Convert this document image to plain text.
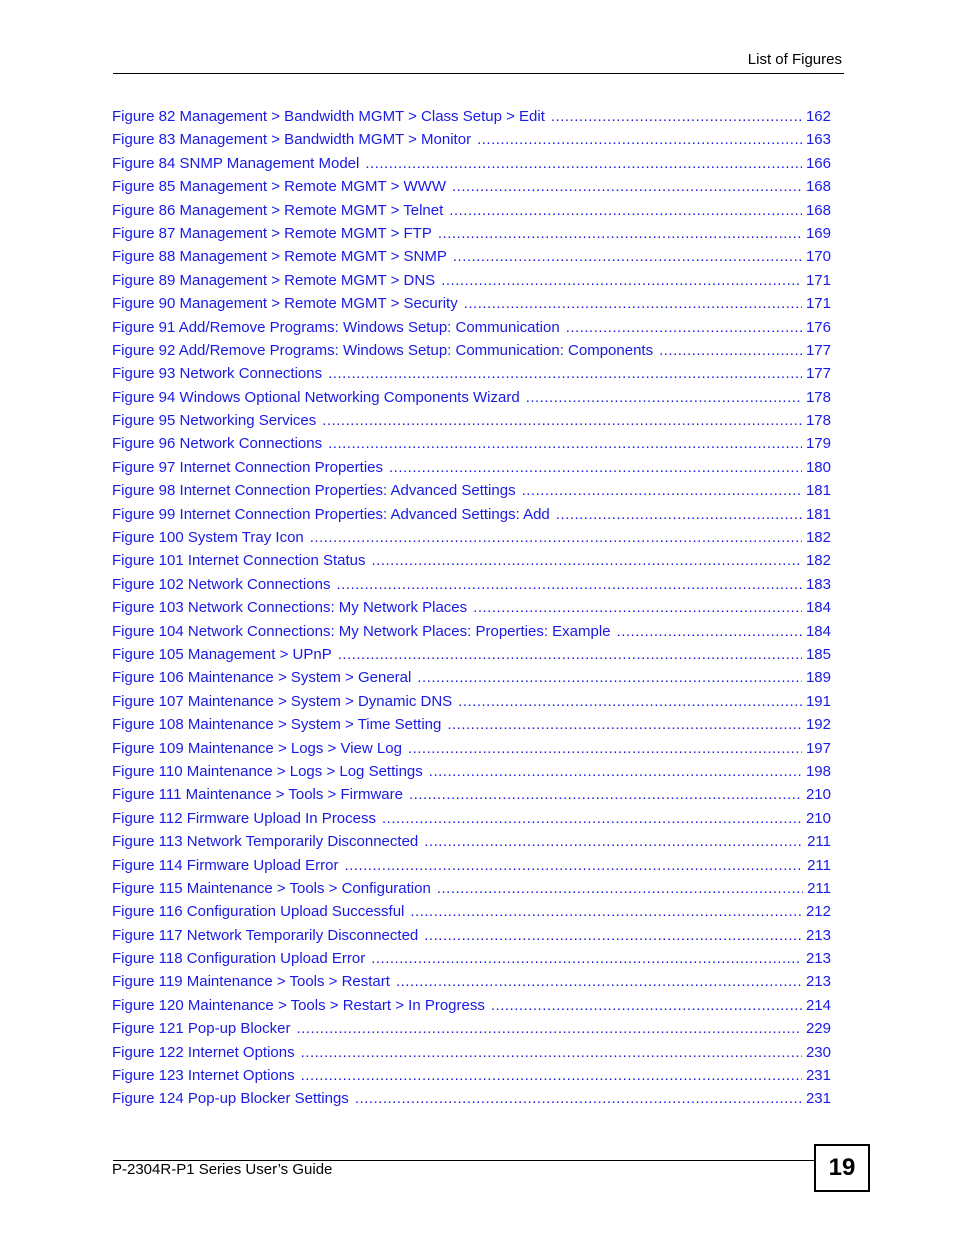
List of Figures
Figure 82 Management > Bandwidth MGMT > Class Setup > Edit .....	162
Figure 83 Management > Bandwidth MGMT > Monitor .....	163
Figure 84 SNMP Management Model .....	166
Figure 85 Management > Remote MGMT > WWW .....	168
Figure 86 Management > Remote MGMT > Telnet .....	168
Figure 87 Management > Remote MGMT > FTP .....	169
Figure 88 Management > Remote MGMT > SNMP .....	170
Figure 89 Management > Remote MGMT > DNS .....	171
Figure 90 Management > Remote MGMT > Security .....	171
Figure 91 Add/Remove Programs: Windows Setup: Communication .....	176
Figure 92 Add/Remove Programs: Windows Setup: Communication: Components .....	177
Figure 93 Network Connections .....	177
Figure 94 Windows Optional Networking Components Wizard .....	178
Figure 95 Networking Services .....	178
Figure 96 Network Connections .....	179
Figure 97 Internet Connection Properties .....	180
Figure 98 Internet Connection Properties: Advanced Settings .....	181
Figure 99 Internet Connection Properties: Advanced Settings: Add .....	181
Figure 100 System Tray Icon .....	182
Figure 101 Internet Connection Status .....	182
Figure 102 Network Connections .....	183
Figure 103 Network Connections: My Network Places .....	184
Figure 104 Network Connections: My Network Places: Properties: Example .....	184
Figure 105 Management > UPnP .....	185
Figure 106 Maintenance > System > General .....	189
Figure 107 Maintenance > System > Dynamic DNS .....	191
Figure 108 Maintenance > System > Time Setting .....	192
Figure 109 Maintenance > Logs > View Log .....	197
Figure 110 Maintenance > Logs > Log Settings .....	198
Figure 111 Maintenance > Tools > Firmware .....	210
Figure 112 Firmware Upload In Process .....	210
Figure 113 Network Temporarily Disconnected .....	211
Figure 114 Firmware Upload Error .....	211
Figure 115 Maintenance > Tools > Configuration .....	211
Figure 116 Configuration Upload Successful .....	212
Figure 117 Network Temporarily Disconnected .....	213
Figure 118 Configuration Upload Error .....	213
Figure 119 Maintenance > Tools > Restart .....	213
Figure 120 Maintenance > Tools > Restart > In Progress .....	214
Figure 121 Pop-up Blocker .....	229
Figure 122 Internet Options .....	230
Figure 123 Internet Options .....	231
Figure 124 Pop-up Blocker Settings .....	231
P-2304R-P1 Series User’s Guide	19
